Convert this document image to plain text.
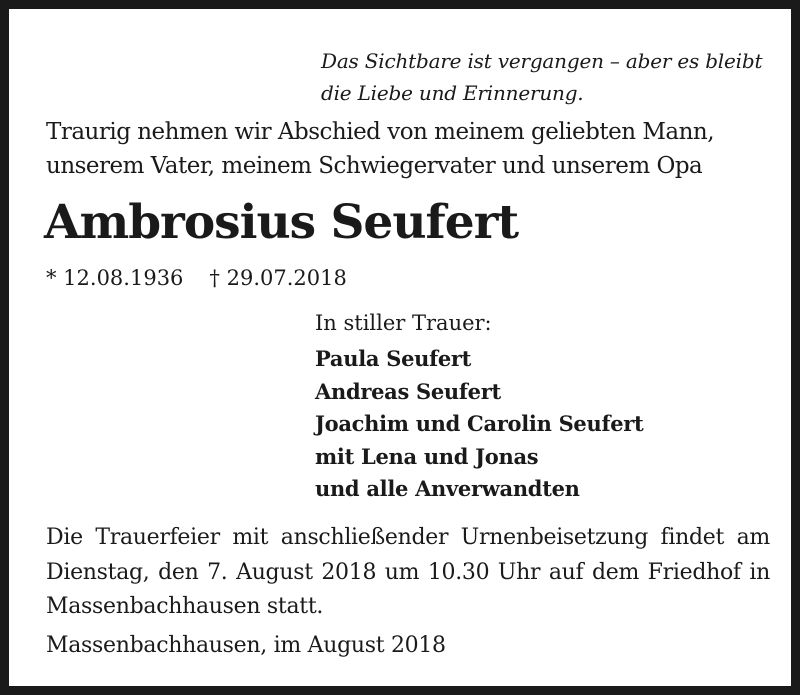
Das Sichtbare ist vergangen – aber es bleibt die Liebe und Erinnerung.

Traurig nehmen wir Abschied von meinem geliebten Mann, unserem Vater, meinem Schwiegervater und unserem Opa

Ambrosius Seufert
* 12.08.1936 † 29.07.2018

In stiller Trauer:

Paula Seufert
Andreas Seufert
Joachim und Carolin Seufert
mit Lena und Jonas
und alle Anverwandten

Die Trauerfeier mit anschließender Urnenbeisetzung findet am Dienstag, den 7. August 2018 um 10.30 Uhr auf dem Friedhof in Massenbachhausen statt.

Massenbachhausen, im August 2018
